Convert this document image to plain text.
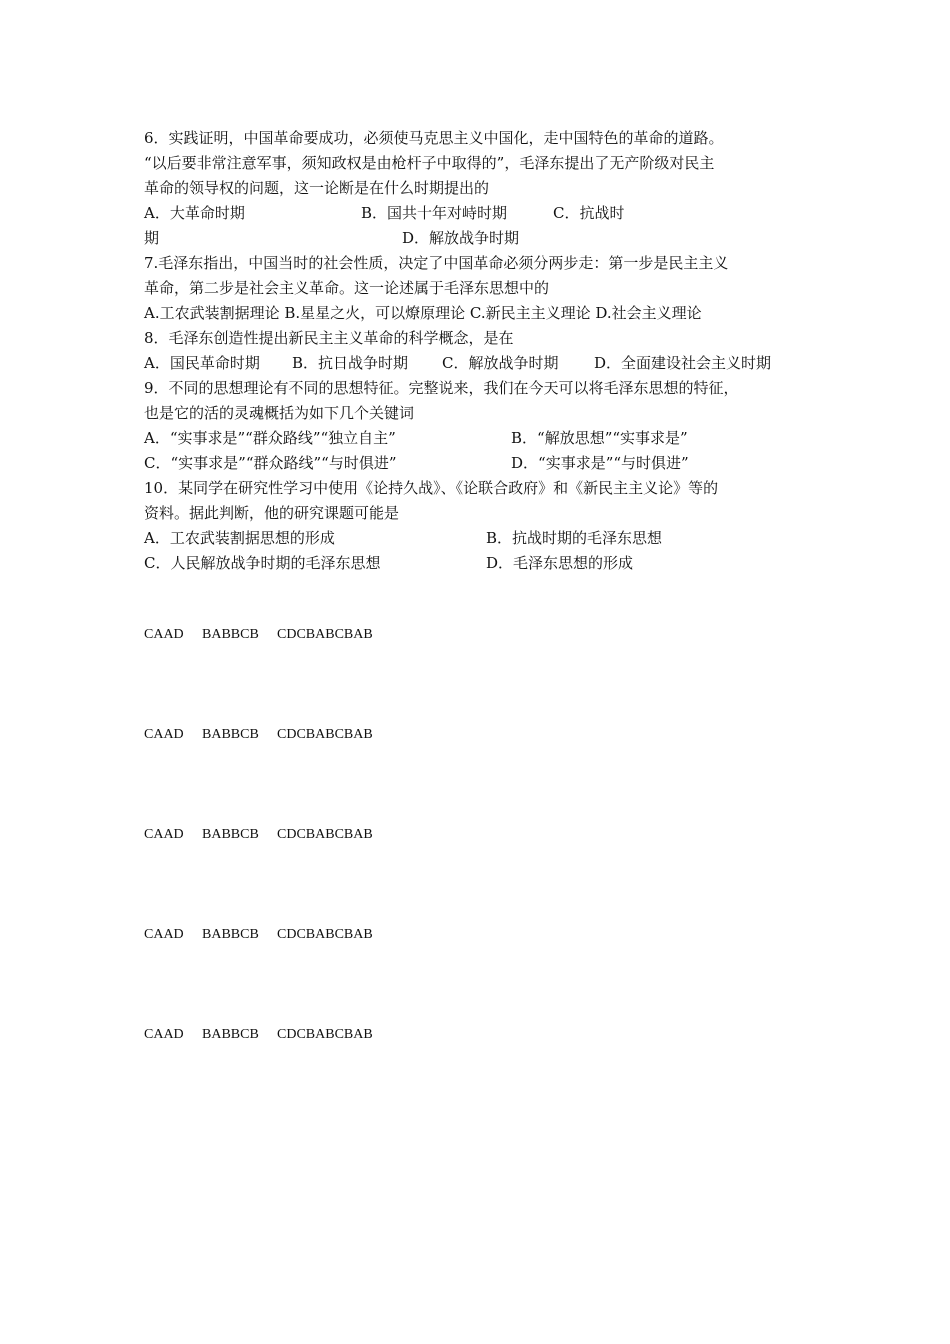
6．实践证明，中国革命要成功，必须使马克思主义中国化，走中国特色的革命的道路。
“以后要非常注意军事，须知政权是由枪杆子中取得的”，毛泽东提出了无产阶级对民主
革命的领导权的问题，这一论断是在什么时期提出的
A．大革命时期	B．国共十年对峙时期	C．抗战时
期	D．解放战争时期
7.毛泽东指出，中国当时的社会性质，决定了中国革命必须分两步走：第一步是民主主义
革命，第二步是社会主义革命。这一论述属于毛泽东思想中的
A.工农武装割据理论 B.星星之火，可以燎原理论 C.新民主主义理论 D.社会主义理论
8．毛泽东创造性提出新民主主义革命的科学概念，是在
A．国民革命时期 B．抗日战争时期 C．解放战争时期 D．全面建设社会主义时期
9．不同的思想理论有不同的思想特征。完整说来，我们在今天可以将毛泽东思想的特征，
也是它的活的灵魂概括为如下几个关键词
A．“实事求是”“群众路线”“独立自主”	B．“解放思想”“实事求是”
C．“实事求是”“群众路线”“与时俱进”	D．“实事求是”“与时俱进”
10．某同学在研究性学习中使用《论持久战》、《论联合政府》和《新民主主义论》等的
资料。据此判断，他的研究课题可能是
A．工农武装割据思想的形成	B．抗战时期的毛泽东思想
C．人民解放战争时期的毛泽东思想	D．毛泽东思想的形成
CAAD BABBCB CDCBABCBAB
CAAD BABBCB CDCBABCBAB
CAAD BABBCB CDCBABCBAB
CAAD BABBCB CDCBABCBAB
CAAD BABBCB CDCBABCBAB
